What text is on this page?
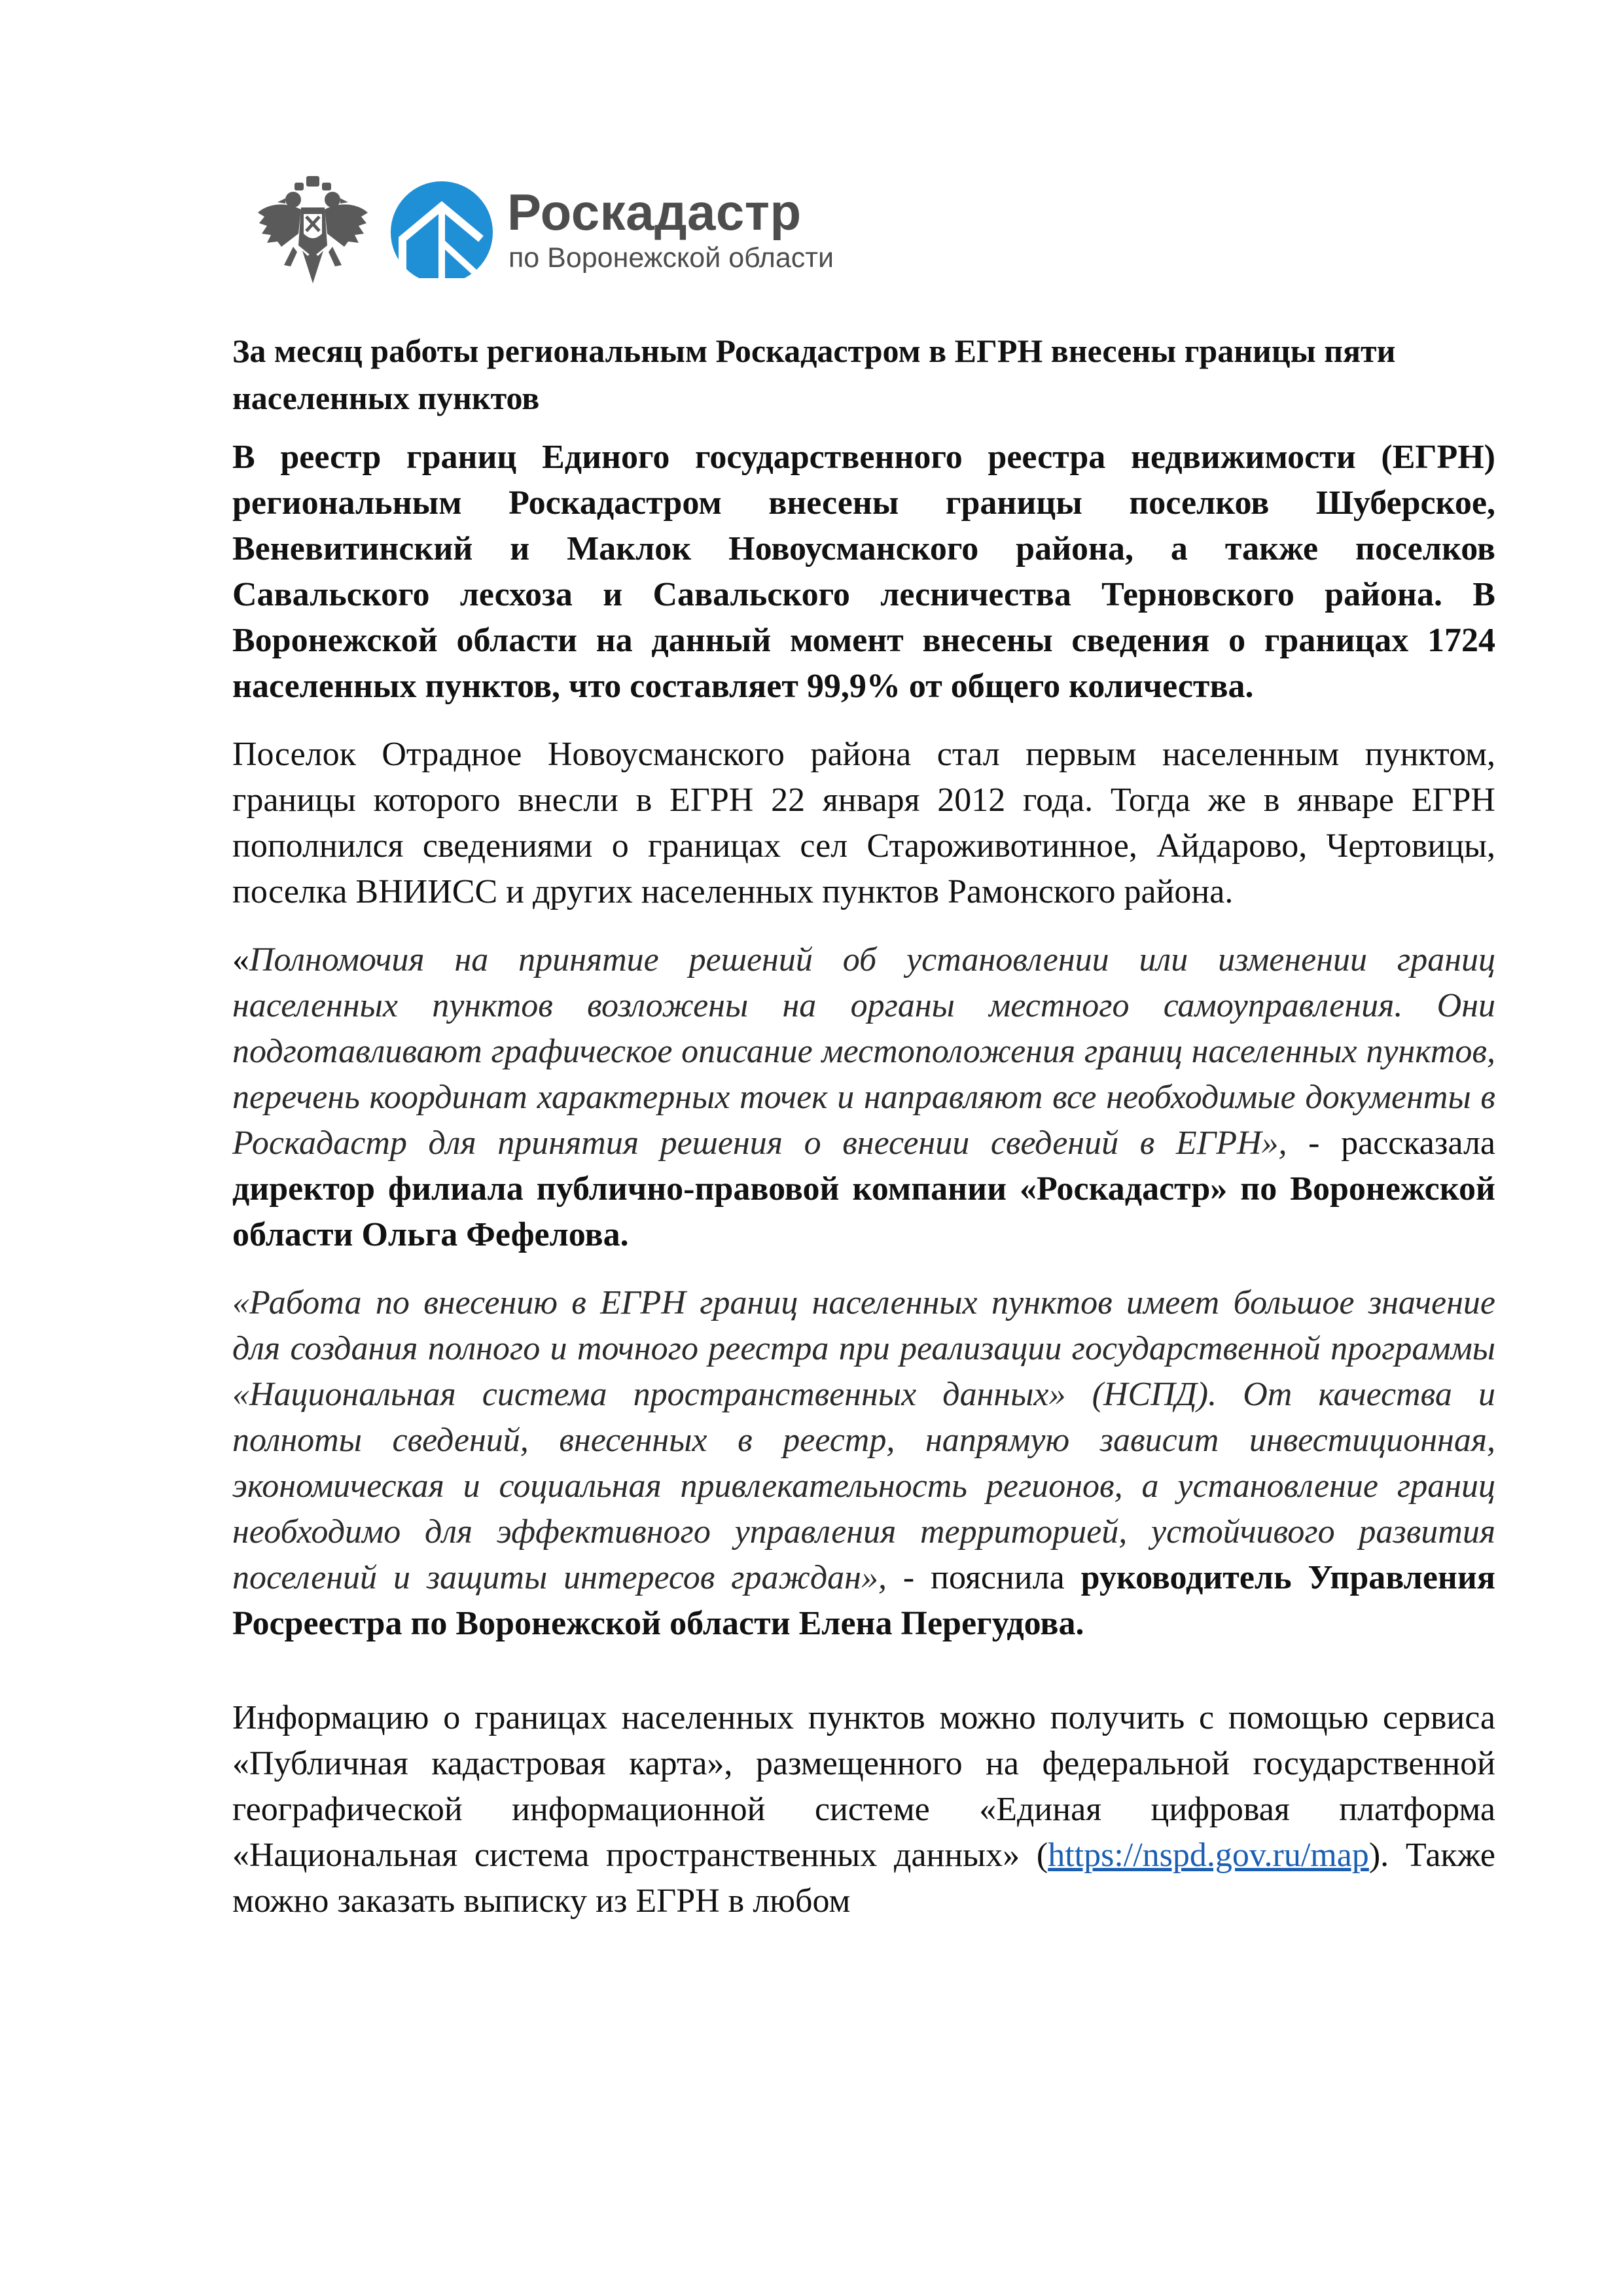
Роскадастр
по Воронежской области
За месяц работы региональным Роскадастром в ЕГРН внесены границы пяти населенных пунктов

В реестр границ Единого государственного реестра недвижимости (ЕГРН) региональным Роскадастром внесены границы поселков Шуберское, Веневитинский и Маклок Новоусманского района, а также поселков Савальского лесхоза и Савальского лесничества Терновского района. В Воронежской области на данный момент внесены сведения о границах 1724 населенных пунктов, что составляет 99,9% от общего количества.

Поселок Отрадное Новоусманского района стал первым населенным пунктом, границы которого внесли в ЕГРН 22 января 2012 года. Тогда же в январе ЕГРН пополнился сведениями о границах сел Староживотинное, Айдарово, Чертовицы, поселка ВНИИСС и других населенных пунктов Рамонского района.

«Полномочия на принятие решений об установлении или изменении границ населенных пунктов возложены на органы местного самоуправления. Они подготавливают графическое описание местоположения границ населенных пунктов, перечень координат характерных точек и направляют все необходимые документы в Роскадастр для принятия решения о внесении сведений в ЕГРН», - рассказала директор филиала публично-правовой компании «Роскадастр» по Воронежской области Ольга Фефелова.

«Работа по внесению в ЕГРН границ населенных пунктов имеет большое значение для создания полного и точного реестра при реализации государственной программы «Национальная система пространственных данных» (НСПД). От качества и полноты сведений, внесенных в реестр, напрямую зависит инвестиционная, экономическая и социальная привлекательность регионов, а установление границ необходимо для эффективного управления территорией, устойчивого развития поселений и защиты интересов граждан», - пояснила руководитель Управления Росреестра по Воронежской области Елена Перегудова.

Информацию о границах населенных пунктов можно получить с помощью сервиса «Публичная кадастровая карта», размещенного на федеральной государственной географической информационной системе «Единая цифровая платформа «Национальная система пространственных данных» (https://nspd.gov.ru/map). Также можно заказать выписку из ЕГРН в любом
